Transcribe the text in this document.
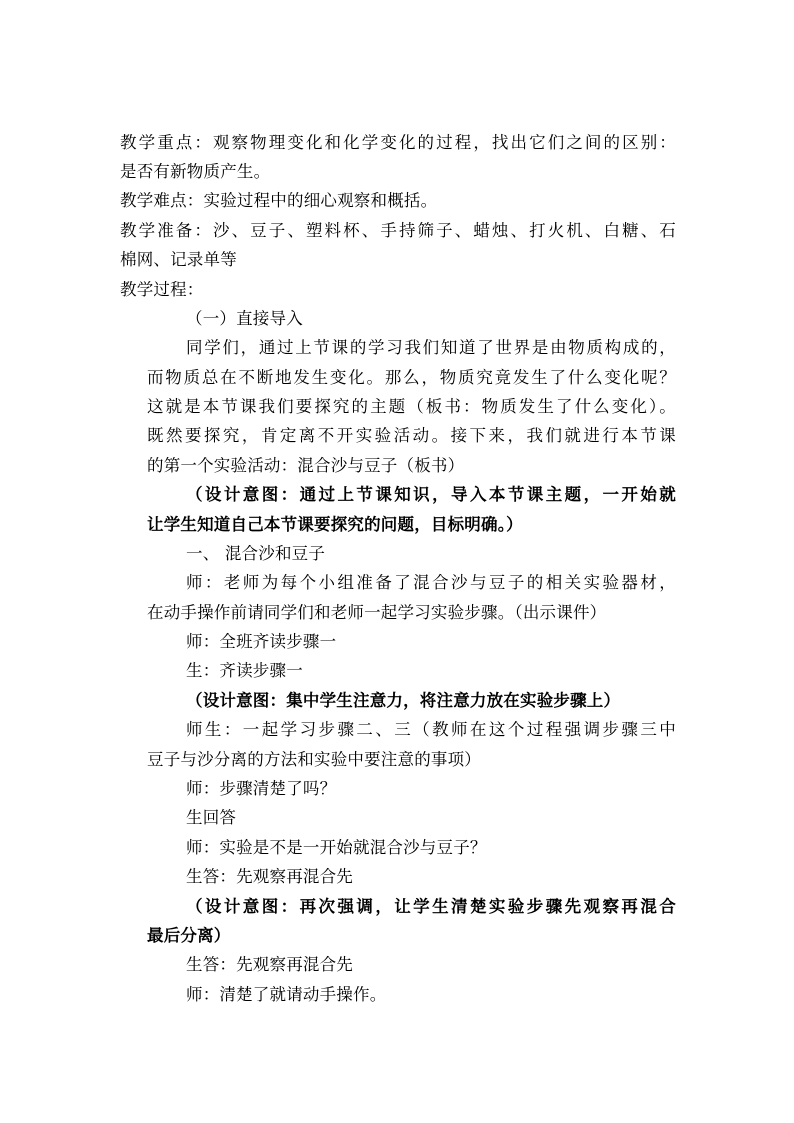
教学重点：观察物理变化和化学变化的过程，找出它们之间的区别：
是否有新物质产生。
教学难点：实验过程中的细心观察和概括。
教学准备：沙、豆子、塑料杯、手持筛子、蜡烛、打火机、白糖、石
棉网、记录单等
教学过程：
（一）直接导入
同学们，通过上节课的学习我们知道了世界是由物质构成的，
而物质总在不断地发生变化。那么，物质究竟发生了什么变化呢？
这就是本节课我们要探究的主题（板书：物质发生了什么变化）。
既然要探究，肯定离不开实验活动。接下来，我们就进行本节课
的第一个实验活动：混合沙与豆子（板书）
（设计意图：通过上节课知识，导入本节课主题，一开始就
让学生知道自己本节课要探究的问题，目标明确。）
一、 混合沙和豆子
师：老师为每个小组准备了混合沙与豆子的相关实验器材，
在动手操作前请同学们和老师一起学习实验步骤。（出示课件）
师：全班齐读步骤一
生：齐读步骤一
（设计意图：集中学生注意力，将注意力放在实验步骤上）
师生：一起学习步骤二、三（教师在这个过程强调步骤三中
豆子与沙分离的方法和实验中要注意的事项）
师：步骤清楚了吗？
生回答
师：实验是不是一开始就混合沙与豆子？
生答：先观察再混合先
（设计意图：再次强调，让学生清楚实验步骤先观察再混合
最后分离）
生答：先观察再混合先
师：清楚了就请动手操作。
